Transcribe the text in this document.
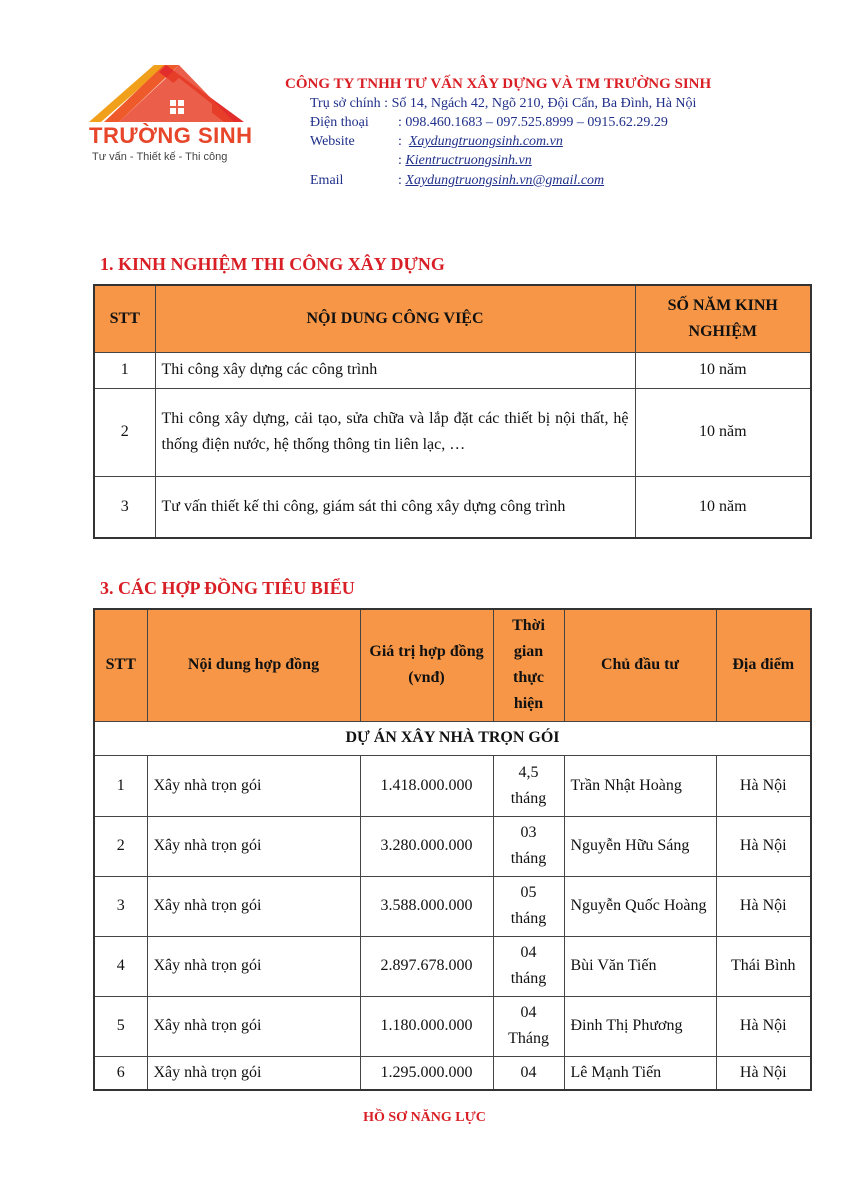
TRƯỜNG SINH
Tư vấn - Thiết kế - Thi công
CÔNG TY TNHH TƯ VẤN XÂY DỰNG VÀ TM TRƯỜNG SINH
Trụ sở chính : Số 14, Ngách 42, Ngõ 210, Đội Cấn, Ba Đình, Hà Nội
Điện thoại : 098.460.1683 – 097.525.8999 – 0915.62.29.29
Website	:  Xaydungtruongsinh.com.vn
: Kientructruongsinh.vn
Email	: Xaydungtruongsinh.vn@gmail.com
1. KINH NGHIỆM THI CÔNG XÂY DỰNG
STT	NỘI DUNG CÔNG VIỆC	SỐ NĂM KINH NGHIỆM
1	Thi công xây dựng các công trình	10 năm
2	Thi công xây dựng, cải tạo, sửa chữa và lắp đặt các thiết bị nội thất, hệ thống điện nước, hệ thống thông tin liên lạc, …	10 năm
3	Tư vấn thiết kế thi công, giám sát thi công xây dựng công trình	10 năm
3. CÁC HỢP ĐỒNG TIÊU BIỂU
STT	Nội dung hợp đồng	Giá trị hợp đồng (vnđ)	Thời gian thực hiện	Chủ đầu tư	Địa điểm
DỰ ÁN XÂY NHÀ TRỌN GÓI					
1	Xây nhà trọn gói	1.418.000.000	4,5 tháng	Trần Nhật Hoàng	Hà Nội
2	Xây nhà trọn gói	3.280.000.000	03 tháng	Nguyễn Hữu Sáng	Hà Nội
3	Xây nhà trọn gói	3.588.000.000	05 tháng	Nguyễn Quốc Hoàng	Hà Nội
4	Xây nhà trọn gói	2.897.678.000	04 tháng	Bùi Văn Tiến	Thái Bình
5	Xây nhà trọn gói	1.180.000.000	04 Tháng	Đinh Thị Phương	Hà Nội
6	Xây nhà trọn gói	1.295.000.000	04	Lê Mạnh Tiến	Hà Nội
HỒ SƠ NĂNG LỰC
